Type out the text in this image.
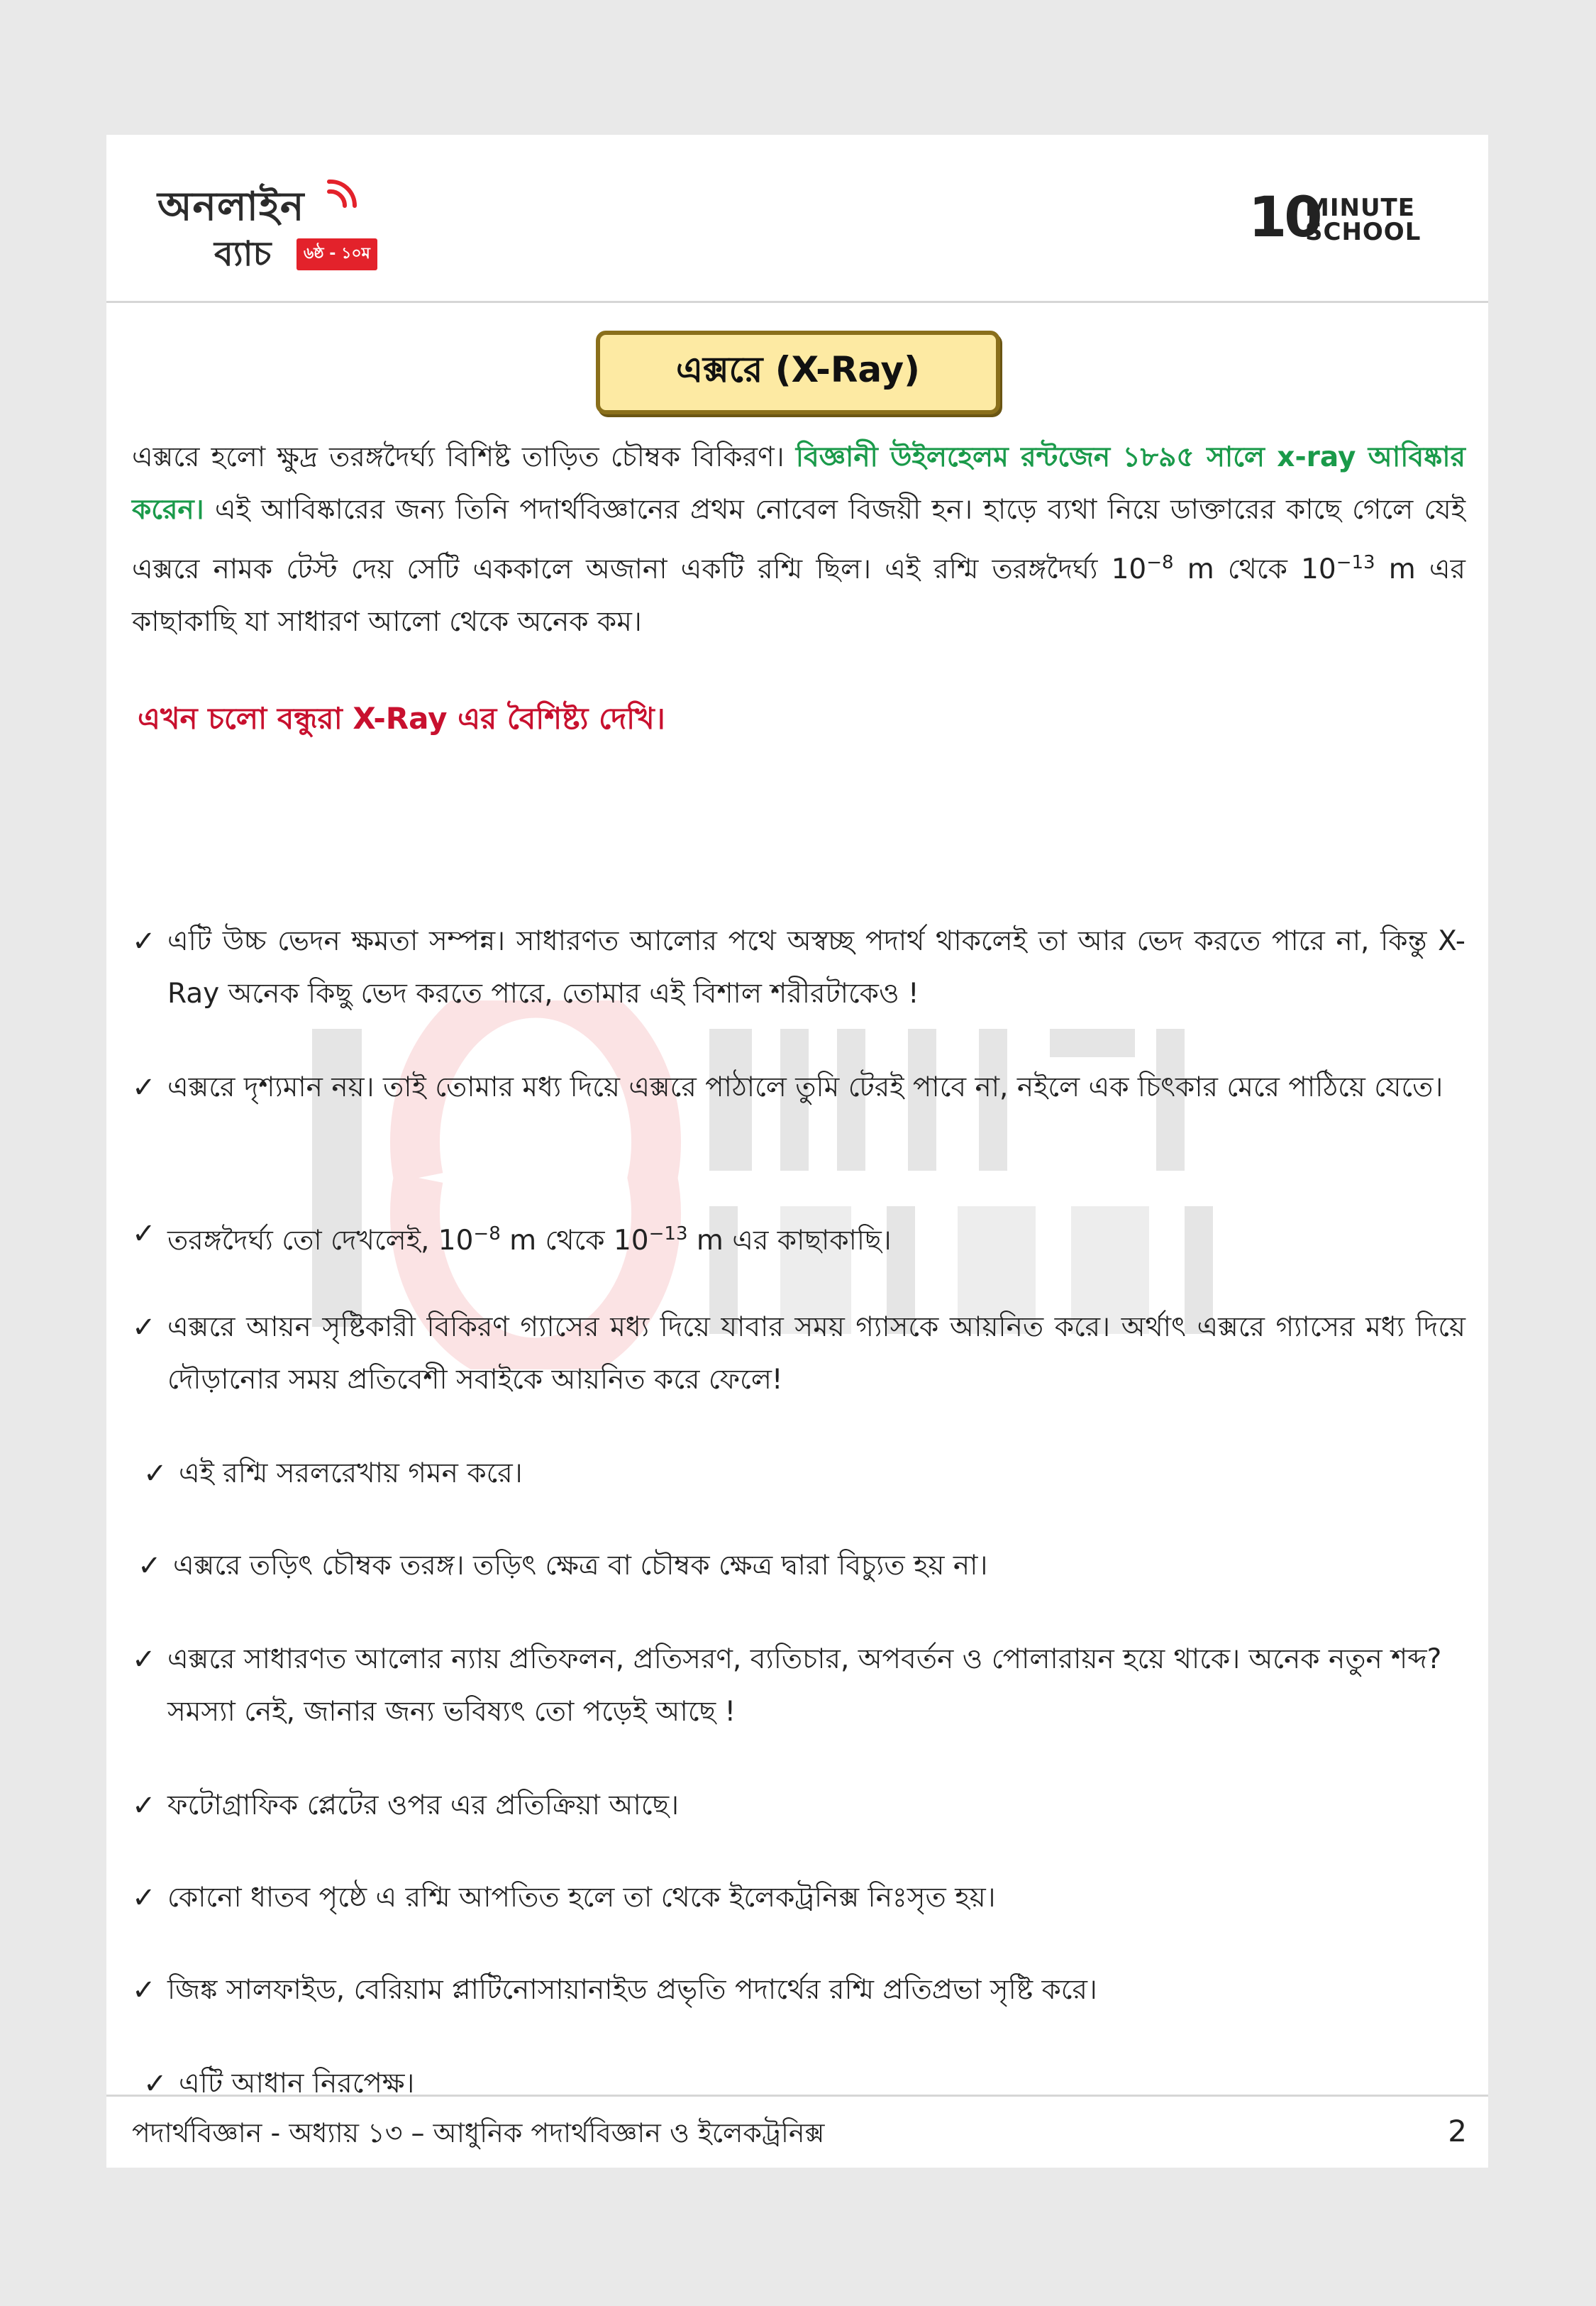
অনলাইন
ব্যাচ	৬ষ্ঠ - ১০ম
10
MINUTE
SCHOOL
এক্সরে (X-Ray)
এক্সরে হলো ক্ষুদ্র তরঙ্গদৈর্ঘ্য বিশিষ্ট তাড়িত চৌম্বক বিকিরণ। বিজ্ঞানী উইলহেলম রন্টজেন ১৮৯৫ সালে x-ray আবিষ্কার করেন। এই আবিষ্কারের জন্য তিনি পদার্থবিজ্ঞানের প্রথম নোবেল বিজয়ী হন। হাড়ে ব্যথা নিয়ে ডাক্তারের কাছে গেলে যেই এক্সরে নামক টেস্ট দেয় সেটি এককালে অজানা একটি রশ্মি ছিল। এই রশ্মি তরঙ্গদৈর্ঘ্য $10^{-8}$ m থেকে $10^{-13}$ m এর কাছাকাছি যা সাধারণ আলো থেকে অনেক কম।
এখন চলো বন্ধুরা X-Ray এর বৈশিষ্ট্য দেখি।
✓ এটি উচ্চ ভেদন ক্ষমতা সম্পন্ন। সাধারণত আলোর পথে অস্বচ্ছ পদার্থ থাকলেই তা আর ভেদ করতে পারে না, কিন্তু X-Ray অনেক কিছু ভেদ করতে পারে, তোমার এই বিশাল শরীরটাকেও !
✓ এক্সরে দৃশ্যমান নয়। তাই তোমার মধ্য দিয়ে এক্সরে পাঠালে তুমি টেরই পাবে না, নইলে এক চিৎকার মেরে পাঠিয়ে যেতে।
✓ তরঙ্গদৈর্ঘ্য তো দেখলেই, $10^{-8}$ m থেকে $10^{-13}$ m এর কাছাকাছি।
✓ এক্সরে আয়ন সৃষ্টিকারী বিকিরণ গ্যাসের মধ্য দিয়ে যাবার সময় গ্যাসকে আয়নিত করে। অর্থাৎ এক্সরে গ্যাসের মধ্য দিয়ে দৌড়ানোর সময় প্রতিবেশী সবাইকে আয়নিত করে ফেলে!
✓ এই রশ্মি সরলরেখায় গমন করে।
✓ এক্সরে তড়িৎ চৌম্বক তরঙ্গ। তড়িৎ ক্ষেত্র বা চৌম্বক ক্ষেত্র দ্বারা বিচ্যুত হয় না।
✓ এক্সরে সাধারণত আলোর ন্যায় প্রতিফলন, প্রতিসরণ, ব্যতিচার, অপবর্তন ও পোলারায়ন হয়ে থাকে। অনেক নতুন শব্দ? সমস্যা নেই, জানার জন্য ভবিষ্যৎ তো পড়েই আছে !
✓ ফটোগ্রাফিক প্লেটের ওপর এর প্রতিক্রিয়া আছে।
✓ কোনো ধাতব পৃষ্ঠে এ রশ্মি আপতিত হলে তা থেকে ইলেকট্রনিক্স নিঃসৃত হয়।
✓ জিঙ্ক সালফাইড, বেরিয়াম প্লাটিনোসায়ানাইড প্রভৃতি পদার্থের রশ্মি প্রতিপ্রভা সৃষ্টি করে।
✓ এটি আধান নিরপেক্ষ।
পদার্থবিজ্ঞান - অধ্যায় ১৩ – আধুনিক পদার্থবিজ্ঞান ও ইলেকট্রনিক্স	2
